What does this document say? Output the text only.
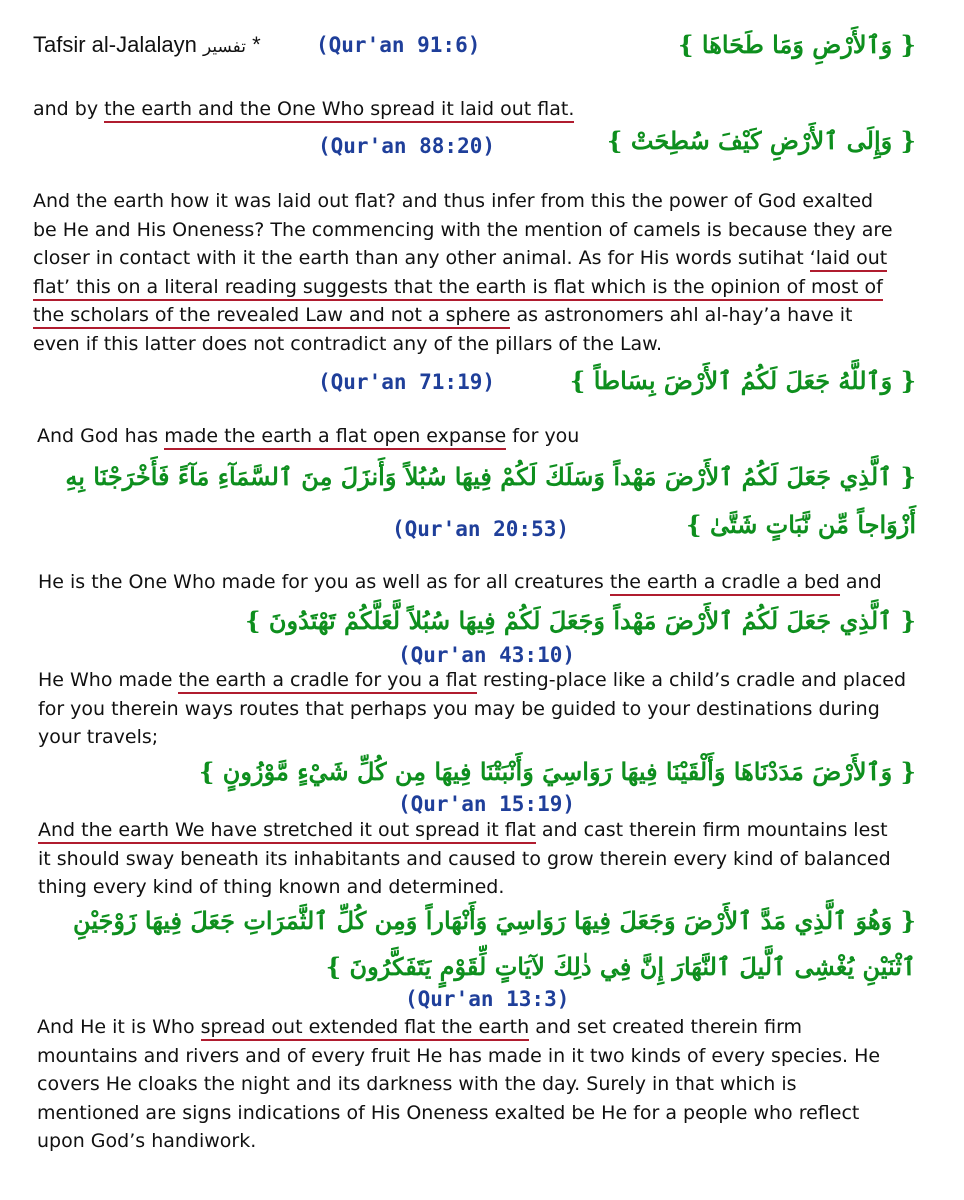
Tafsir al-Jalalayn تفسير *	(Qur'an 91:6)	{ وَٱلأَرْضِ وَمَا طَحَاهَا }

and by the earth and the One Who spread it laid out flat.

{ وَإِلَى ٱلأَرْضِ كَيْفَ سُطِحَتْ }
(Qur'an 88:20)

And the earth how it was laid out flat? and thus infer from this the power of God exalted

be He and His Oneness? The commencing with the mention of camels is because they are

closer in contact with it the earth than any other animal. As for His words sutihat ‘laid out

flat’ this on a literal reading suggests that the earth is flat which is the opinion of most of

the scholars of the revealed Law and not a sphere as astronomers ahl al-hay’a have it

even if this latter does not contradict any of the pillars of the Law.

{ وَٱللَّهُ جَعَلَ لَكُمُ ٱلأَرْضَ بِسَاطاً }
(Qur'an 71:19)

And God has made the earth a flat open expanse for you

{ ٱلَّذِي جَعَلَ لَكُمُ ٱلأَرْضَ مَهْداً وَسَلَكَ لَكُمْ فِيهَا سُبُلاً وَأَنزَلَ مِنَ ٱلسَّمَآءِ مَآءً فَأَخْرَجْنَا بِهِ
أَزْوَاجاً مِّن نَّبَاتٍ شَتَّىٰ }
(Qur'an 20:53)

He is the One Who made for you as well as for all creatures the earth a cradle a bed and

{ ٱلَّذِي جَعَلَ لَكُمُ ٱلأَرْضَ مَهْداً وَجَعَلَ لَكُمْ فِيهَا سُبُلاً لَّعَلَّكُمْ تَهْتَدُونَ }
(Qur'an 43:10)

He Who made the earth a cradle for you a flat resting-place like a child’s cradle and placed

for you therein ways routes that perhaps you may be guided to your destinations during

your travels;

{ وَٱلأَرْضَ مَدَدْنَاهَا وَأَلْقَيْنَا فِيهَا رَوَاسِيَ وَأَنْبَتْنَا فِيهَا مِن كُلِّ شَيْءٍ مَّوْزُونٍ }
(Qur'an 15:19)

And the earth We have stretched it out spread it flat and cast therein firm mountains lest

it should sway beneath its inhabitants and caused to grow therein every kind of balanced

thing every kind of thing known and determined.

{ وَهُوَ ٱلَّذِي مَدَّ ٱلأَرْضَ وَجَعَلَ فِيهَا رَوَاسِيَ وَأَنْهَاراً وَمِن كُلِّ ٱلثَّمَرَاتِ جَعَلَ فِيهَا زَوْجَيْنِ
ٱثْنَيْنِ يُغْشِى ٱلَّيلَ ٱلنَّهَارَ إِنَّ فِي ذٰلِكَ لآيَاتٍ لِّقَوْمٍ يَتَفَكَّرُونَ }
(Qur'an 13:3)

And He it is Who spread out extended flat the earth and set created therein firm

mountains and rivers and of every fruit He has made in it two kinds of every species. He

covers He cloaks the night and its darkness with the day. Surely in that which is

mentioned are signs indications of His Oneness exalted be He for a people who reflect

upon God’s handiwork.
